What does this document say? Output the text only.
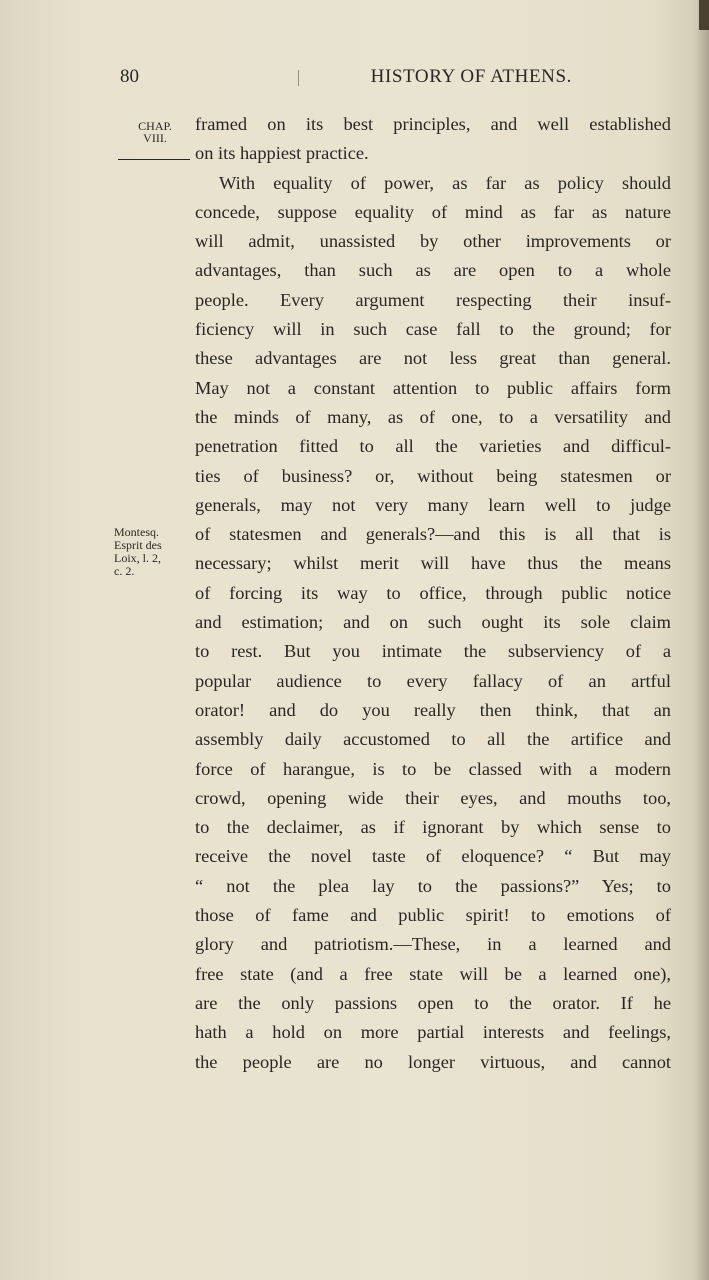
80	HISTORY OF ATHENS.
CHAP.
VIII.
Montesq.
Esprit des
Loix, l. 2,
c. 2.
framed on its best principles, and well established
on its happiest practice.
With equality of power, as far as policy should
concede, suppose equality of mind as far as nature
will admit, unassisted by other improvements or
advantages, than such as are open to a whole
people. Every argument respecting their insuf-
ficiency will in such case fall to the ground; for
these advantages are not less great than general.
May not a constant attention to public affairs form
the minds of many, as of one, to a versatility and
penetration fitted to all the varieties and difficul-
ties of business? or, without being statesmen or
generals, may not very many learn well to judge
of statesmen and generals?—and this is all that is
necessary; whilst merit will have thus the means
of forcing its way to office, through public notice
and estimation; and on such ought its sole claim
to rest. But you intimate the subserviency of a
popular audience to every fallacy of an artful
orator! and do you really then think, that an
assembly daily accustomed to all the artifice and
force of harangue, is to be classed with a modern
crowd, opening wide their eyes, and mouths too,
to the declaimer, as if ignorant by which sense to
receive the novel taste of eloquence? “ But may
“ not the plea lay to the passions?” Yes; to
those of fame and public spirit! to emotions of
glory and patriotism.—These, in a learned and
free state (and a free state will be a learned one),
are the only passions open to the orator. If he
hath a hold on more partial interests and feelings,
the people are no longer virtuous, and cannot
